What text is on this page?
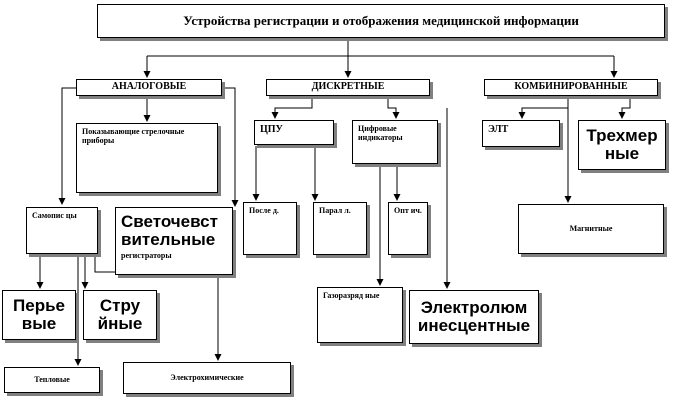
Устройства регистрации и отображения медицинской информации
АНАЛОГОВЫЕ	ДИСКРЕТНЫЕ	КОМБИНИРОВАННЫЕ
Показывающие стрелочные приборы
Самопис цы	Светочевст вительные
регистраторы
Перье вые
Стру йные
Тепловые	Электрохимические
ЦПУ	Цифровые индикаторы
После д.	Парал л.	Опт ич.
Газоразряд ные
Электролюм инесцентные
ЭЛТ	Трехмер ные
Магнитные
